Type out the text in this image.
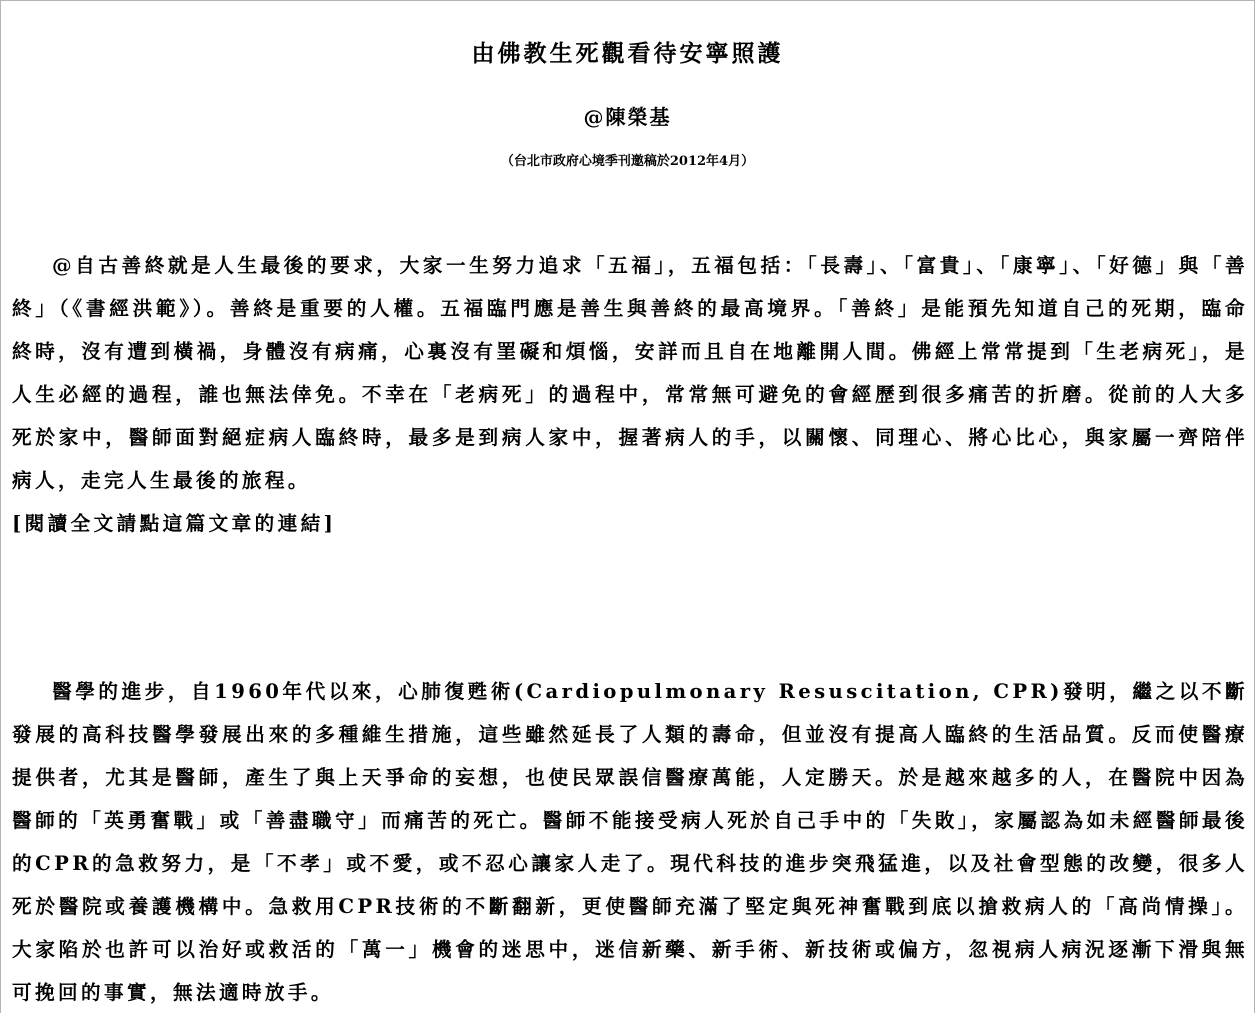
由佛教生死觀看待安寧照護
@陳榮基
（台北市政府心境季刊邀稿於2012年4月）

@自古善終就是人生最後的要求，大家一生努力追求「五福」，五福包括：「長壽」、「富貴」、「康寧」、「好德」與「善終」（《書經洪範》）。善終是重要的人權。五福臨門應是善生與善終的最高境界。「善終」是能預先知道自己的死期，臨命終時，沒有遭到橫禍，身體沒有病痛，心裏沒有罣礙和煩惱，安詳而且自在地離開人間。佛經上常常提到「生老病死」，是人生必經的過程，誰也無法倖免。不幸在「老病死」的過程中，常常無可避免的會經歷到很多痛苦的折磨。從前的人大多死於家中，醫師面對絕症病人臨終時，最多是到病人家中，握著病人的手，以關懷、同理心、將心比心，與家屬一齊陪伴病人，走完人生最後的旅程。
[閱讀全文請點這篇文章的連結]

醫學的進步，自1960年代以來，心肺復甦術(Cardiopulmonary Resuscitation, CPR)發明，繼之以不斷發展的高科技醫學發展出來的多種維生措施，這些雖然延長了人類的壽命，但並沒有提高人臨終的生活品質。反而使醫療提供者，尤其是醫師，產生了與上天爭命的妄想，也使民眾誤信醫療萬能，人定勝天。於是越來越多的人，在醫院中因為醫師的「英勇奮戰」或「善盡職守」而痛苦的死亡。醫師不能接受病人死於自己手中的「失敗」，家屬認為如未經醫師最後的CPR的急救努力，是「不孝」或不愛，或不忍心讓家人走了。現代科技的進步突飛猛進，以及社會型態的改變，很多人死於醫院或養護機構中。急救用CPR技術的不斷翻新，更使醫師充滿了堅定與死神奮戰到底以搶救病人的「高尚情操」。大家陷於也許可以治好或救活的「萬一」機會的迷思中，迷信新藥、新手術、新技術或偏方，忽視病人病況逐漸下滑與無可挽回的事實，無法適時放手。
